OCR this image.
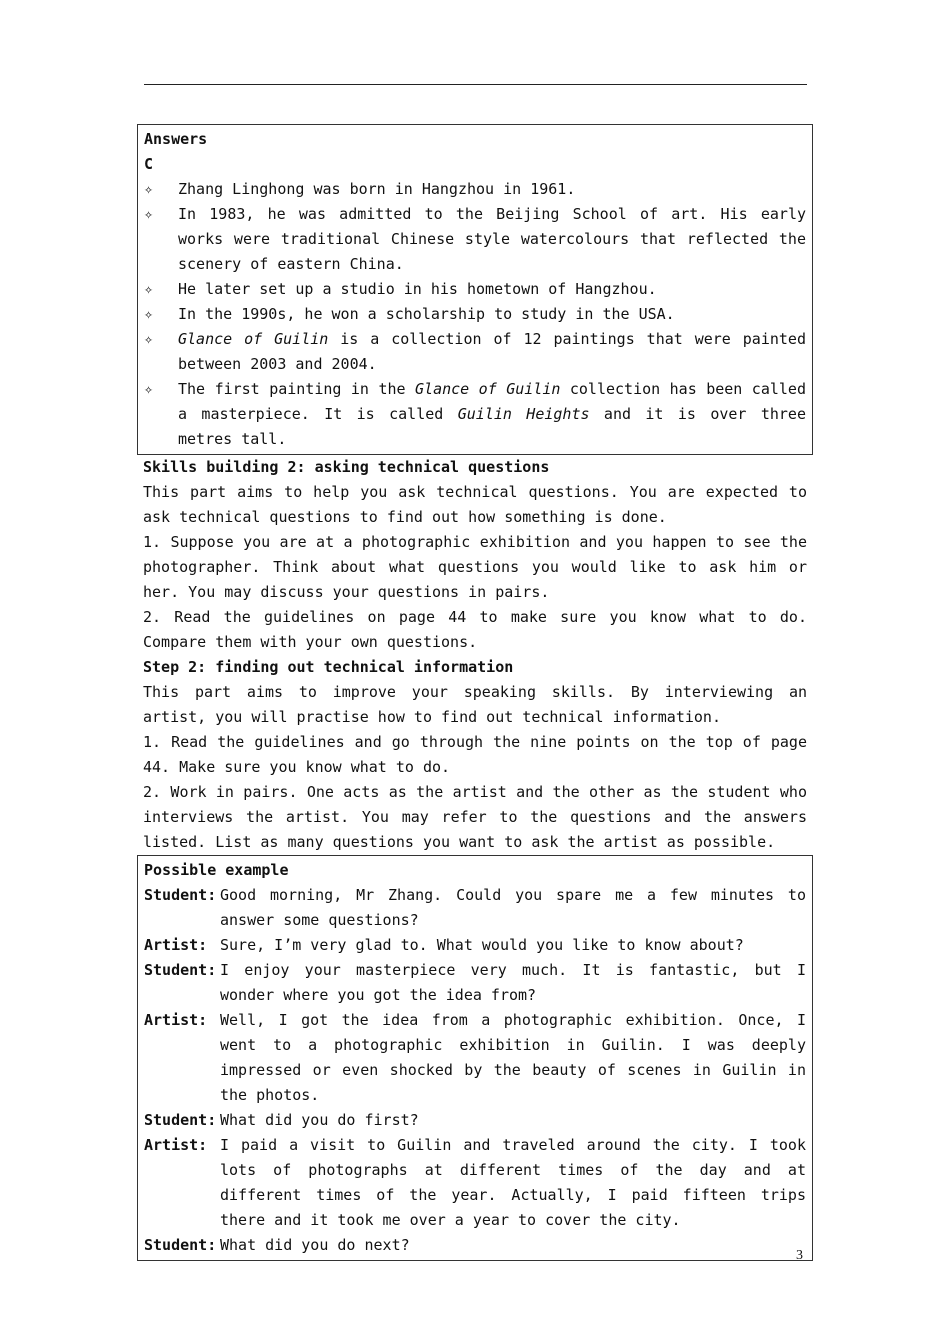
Answers
C
✧	Zhang Linghong was born in Hangzhou in 1961.
✧	In 1983, he was admitted to the Beijing School of art. His early works were traditional Chinese style watercolours that reflected the scenery of eastern China.
✧	He later set up a studio in his hometown of Hangzhou.
✧	In the 1990s, he won a scholarship to study in the USA.
✧	Glance of Guilin is a collection of 12 paintings that were painted between 2003 and 2004.
✧	The first painting in the Glance of Guilin collection has been called a masterpiece. It is called Guilin Heights and it is over three metres tall.
Skills building 2: asking technical questions
This part aims to help you ask technical questions. You are expected to ask technical questions to find out how something is done.
1. Suppose you are at a photographic exhibition and you happen to see the photographer. Think about what questions you would like to ask him or her. You may discuss your questions in pairs.
2. Read the guidelines on page 44 to make sure you know what to do. Compare them with your own questions.
Step 2: finding out technical information
This part aims to improve your speaking skills. By interviewing an artist, you will practise how to find out technical information.
1. Read the guidelines and go through the nine points on the top of page 44. Make sure you know what to do.
2. Work in pairs. One acts as the artist and the other as the student who interviews the artist. You may refer to the questions and the answers listed. List as many questions you want to ask the artist as possible.
Possible example
Student: Good morning, Mr Zhang. Could you spare me a few minutes to answer some questions?
Artist: Sure, I’m very glad to. What would you like to know about?
Student: I enjoy your masterpiece very much. It is fantastic, but I wonder where you got the idea from?
Artist: Well, I got the idea from a photographic exhibition. Once, I went to a photographic exhibition in Guilin. I was deeply impressed or even shocked by the beauty of scenes in Guilin in the photos.
Student: What did you do first?
Artist: I paid a visit to Guilin and traveled around the city. I took lots of photographs at different times of the day and at different times of the year. Actually, I paid fifteen trips there and it took me over a year to cover the city.
Student: What did you do next?
3
